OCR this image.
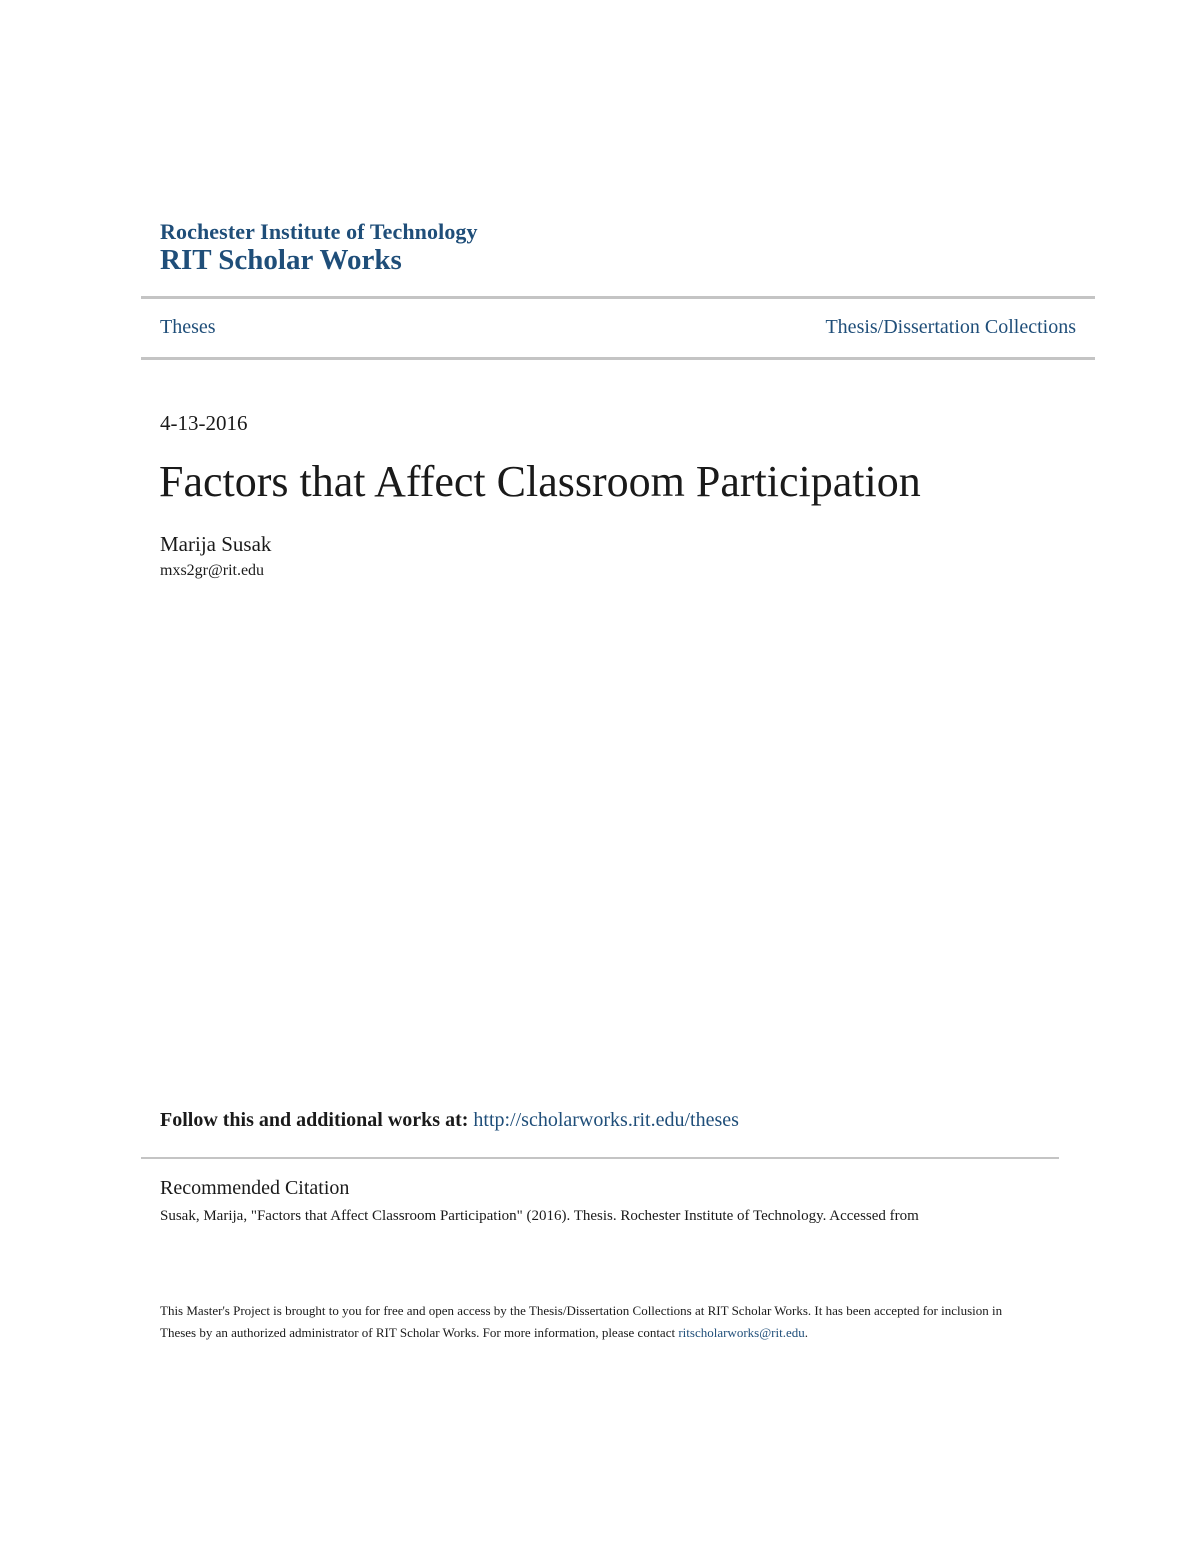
Rochester Institute of Technology
RIT Scholar Works
Theses	Thesis/Dissertation Collections
4-13-2016
Factors that Affect Classroom Participation
Marija Susak
mxs2gr@rit.edu
Follow this and additional works at: http://scholarworks.rit.edu/theses
Recommended Citation
Susak, Marija, "Factors that Affect Classroom Participation" (2016). Thesis. Rochester Institute of Technology. Accessed from
This Master's Project is brought to you for free and open access by the Thesis/Dissertation Collections at RIT Scholar Works. It has been accepted for inclusion in Theses by an authorized administrator of RIT Scholar Works. For more information, please contact ritscholarworks@rit.edu.
